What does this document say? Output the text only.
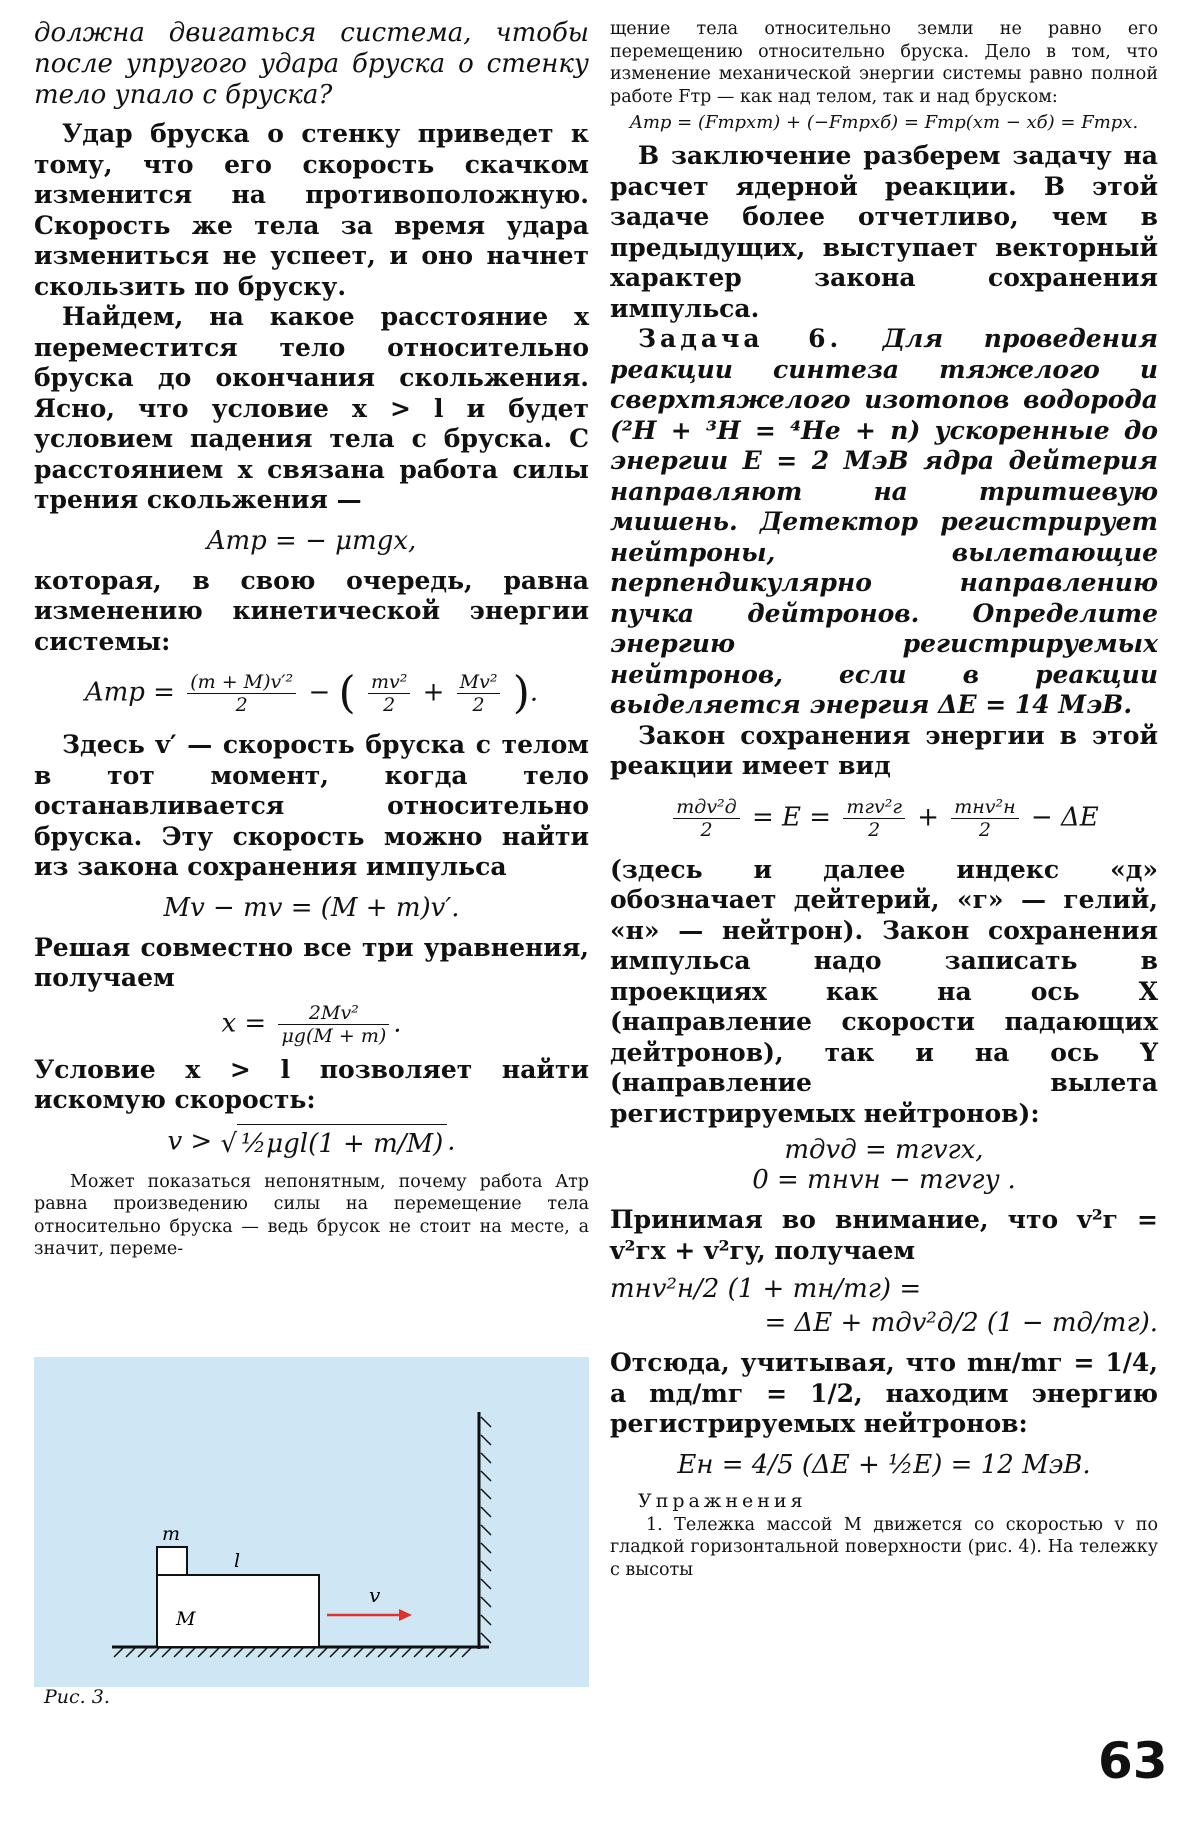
должна двигаться система, чтобы после упругого удара бруска о стенку тело упало с бруска?

Удар бруска о стенку приведет к тому, что его скорость скачком изменится на противоположную. Скорость же тела за время удара измениться не успеет, и оно начнет скользить по бруску.

Найдем, на какое расстояние x переместится тело относительно бруска до окончания скольжения. Ясно, что условие x > l и будет условием падения тела с бруска. С расстоянием x связана работа силы трения скольжения —

Aтр = − μmgx,

которая, в свою очередь, равна изменению кинетической энергии системы:

Aтр = $\frac{\text{(m + M)v′²}}{2}$ − ( $\frac{\text{mv²}}{2} + \frac{\text{Mv²}}{2}$ ).

Здесь v′ — скорость бруска с телом в тот момент, когда тело останавливается относительно бруска. Эту скорость можно найти из закона сохранения импульса

Mv − mv = (M + m)v′.

Решая совместно все три уравнения, получаем

$x = \frac{\text{2Mv²}}{\mu g(M + m)}$ .

Условие x > l позволяет найти искомую скорость:

v > √ ½μgl(1 + m/M) .

Может показаться непонятным, почему работа Aтр равна произведению силы на перемещение тела относительно бруска — ведь брусок не стоит на месте, а значит, переме-

m
l
M
v
Рис. 3.

щение тела относительно земли не равно его перемещению относительно бруска. Дело в том, что изменение механической энергии системы равно полной работе Fтр — как над телом, так и над бруском:

Aтр = (Fтрxт) + (−Fтрxб) = Fтр(xт − xб) = Fтрx.

В заключение разберем задачу на расчет ядерной реакции. В этой задаче более отчетливо, чем в предыдущих, выступает векторный характер закона сохранения импульса.

Задача 6. Для проведения реакции синтеза тяжелого и сверхтяжелого изотопов водорода (²H + ³H = ⁴He + n) ускоренные до энергии E = 2 МэВ ядра дейтерия направляют на тритиевую мишень. Детектор регистрирует нейтроны, вылетающие перпендикулярно направлению пучка дейтронов. Определите энергию регистрируемых нейтронов, если в реакции выделяется энергия ΔE = 14 МэВ.

Закон сохранения энергии в этой реакции имеет вид

$\frac{\text{mдv²д}}{2} = E = \frac{\text{mгv²г}}{2} + \frac{\text{mнv²н}}{2} - \Delta E$

(здесь и далее индекс «д» обозначает дейтерий, «г» — гелий, «н» — нейтрон). Закон сохранения импульса надо записать в проекциях как на ось X (направление скорости падающих дейтронов), так и на ось Y (направление вылета регистрируемых нейтронов):

mдvд = mгvгx,
0 = mнvн − mгvгy .

Принимая во внимание, что v²г = v²гx + v²гy, получаем

mнv²н/2 (1 + mн/mг) =
= ΔE + mдv²д/2 (1 − mд/mг).

Отсюда, учитывая, что mн/mг = 1/4, а mд/mг = 1/2, находим энергию регистрируемых нейтронов:

Eн = 4/5 (ΔE + ½E) = 12 МэВ.
Упражнения

1. Тележка массой M движется со скоростью v по гладкой горизонтальной поверхности (рис. 4). На тележку с высоты

63
